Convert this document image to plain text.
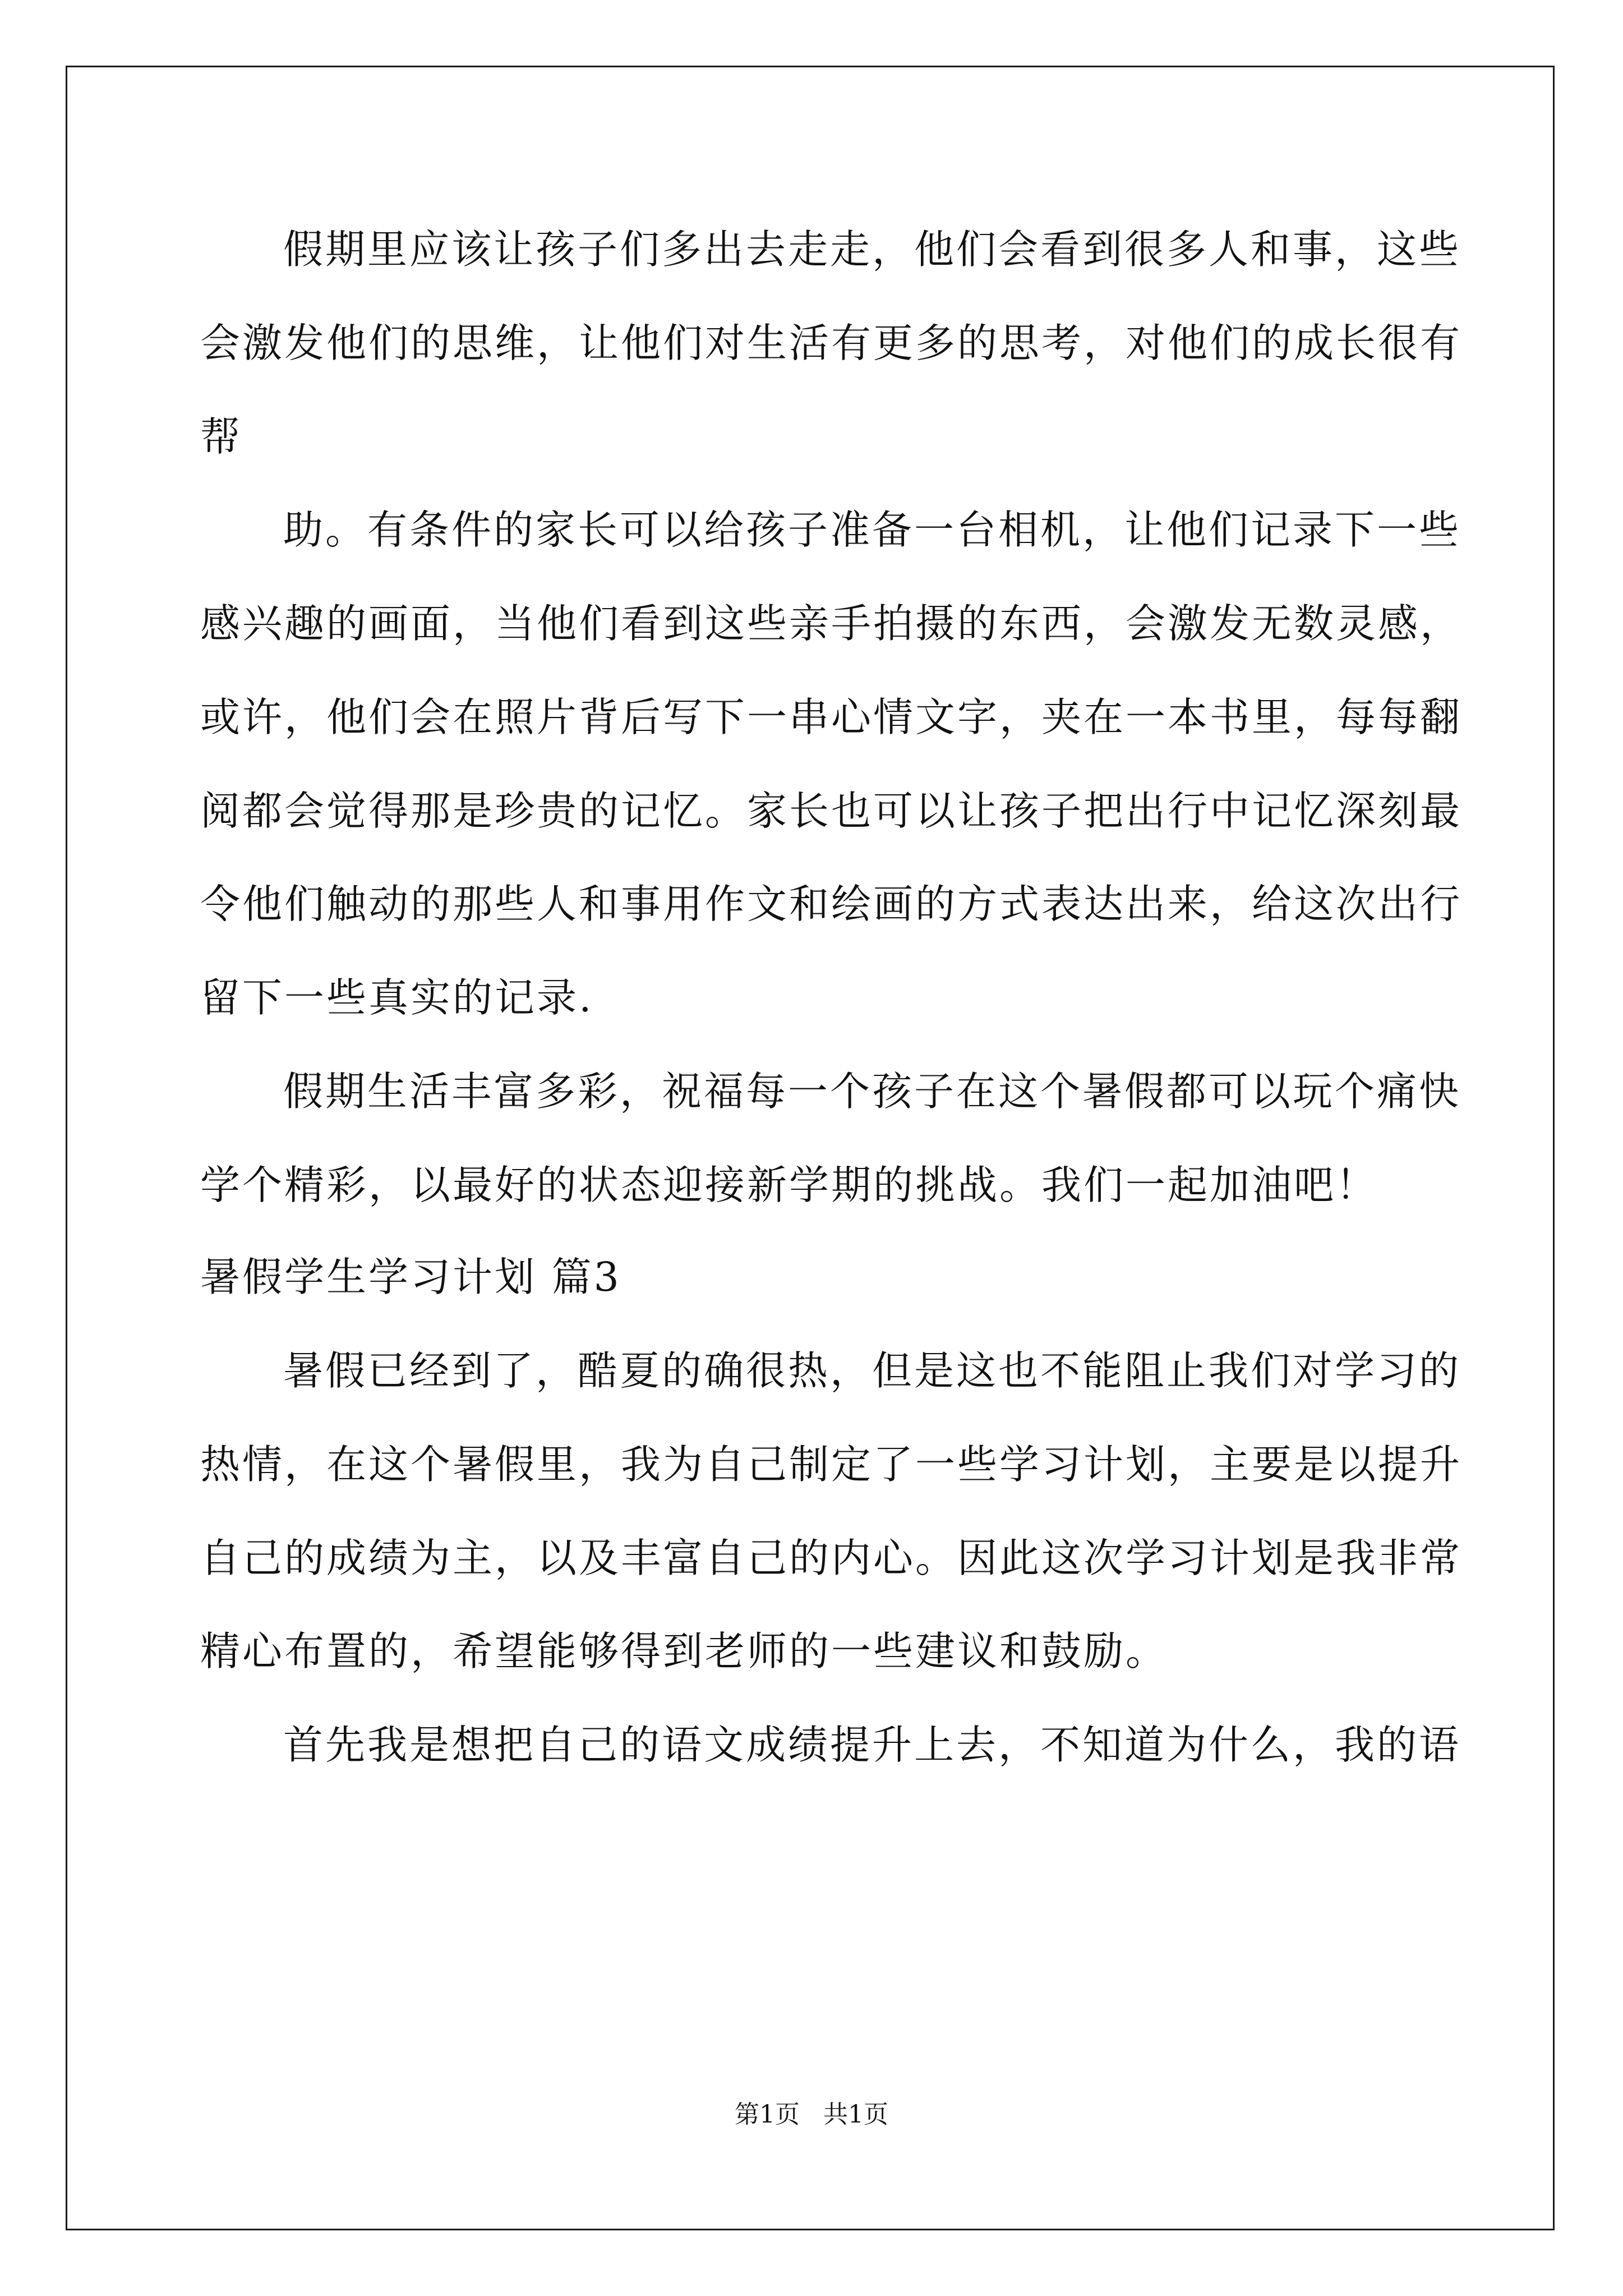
假期里应该让孩子们多出去走走，他们会看到很多人和事，这些
会激发他们的思维，让他们对生活有更多的思考，对他们的成长很有
帮
助。有条件的家长可以给孩子准备一台相机，让他们记录下一些
感兴趣的画面，当他们看到这些亲手拍摄的东西，会激发无数灵感，
或许，他们会在照片背后写下一串心情文字，夹在一本书里，每每翻
阅都会觉得那是珍贵的记忆。家长也可以让孩子把出行中记忆深刻最
令他们触动的那些人和事用作文和绘画的方式表达出来，给这次出行
留下一些真实的记录.
假期生活丰富多彩，祝福每一个孩子在这个暑假都可以玩个痛快
学个精彩，以最好的状态迎接新学期的挑战。我们一起加油吧！
暑假学生学习计划 篇3
暑假已经到了，酷夏的确很热，但是这也不能阻止我们对学习的
热情，在这个暑假里，我为自己制定了一些学习计划，主要是以提升
自己的成绩为主，以及丰富自己的内心。因此这次学习计划是我非常
精心布置的，希望能够得到老师的一些建议和鼓励。
首先我是想把自己的语文成绩提升上去，不知道为什么，我的语
第1页   共1页
